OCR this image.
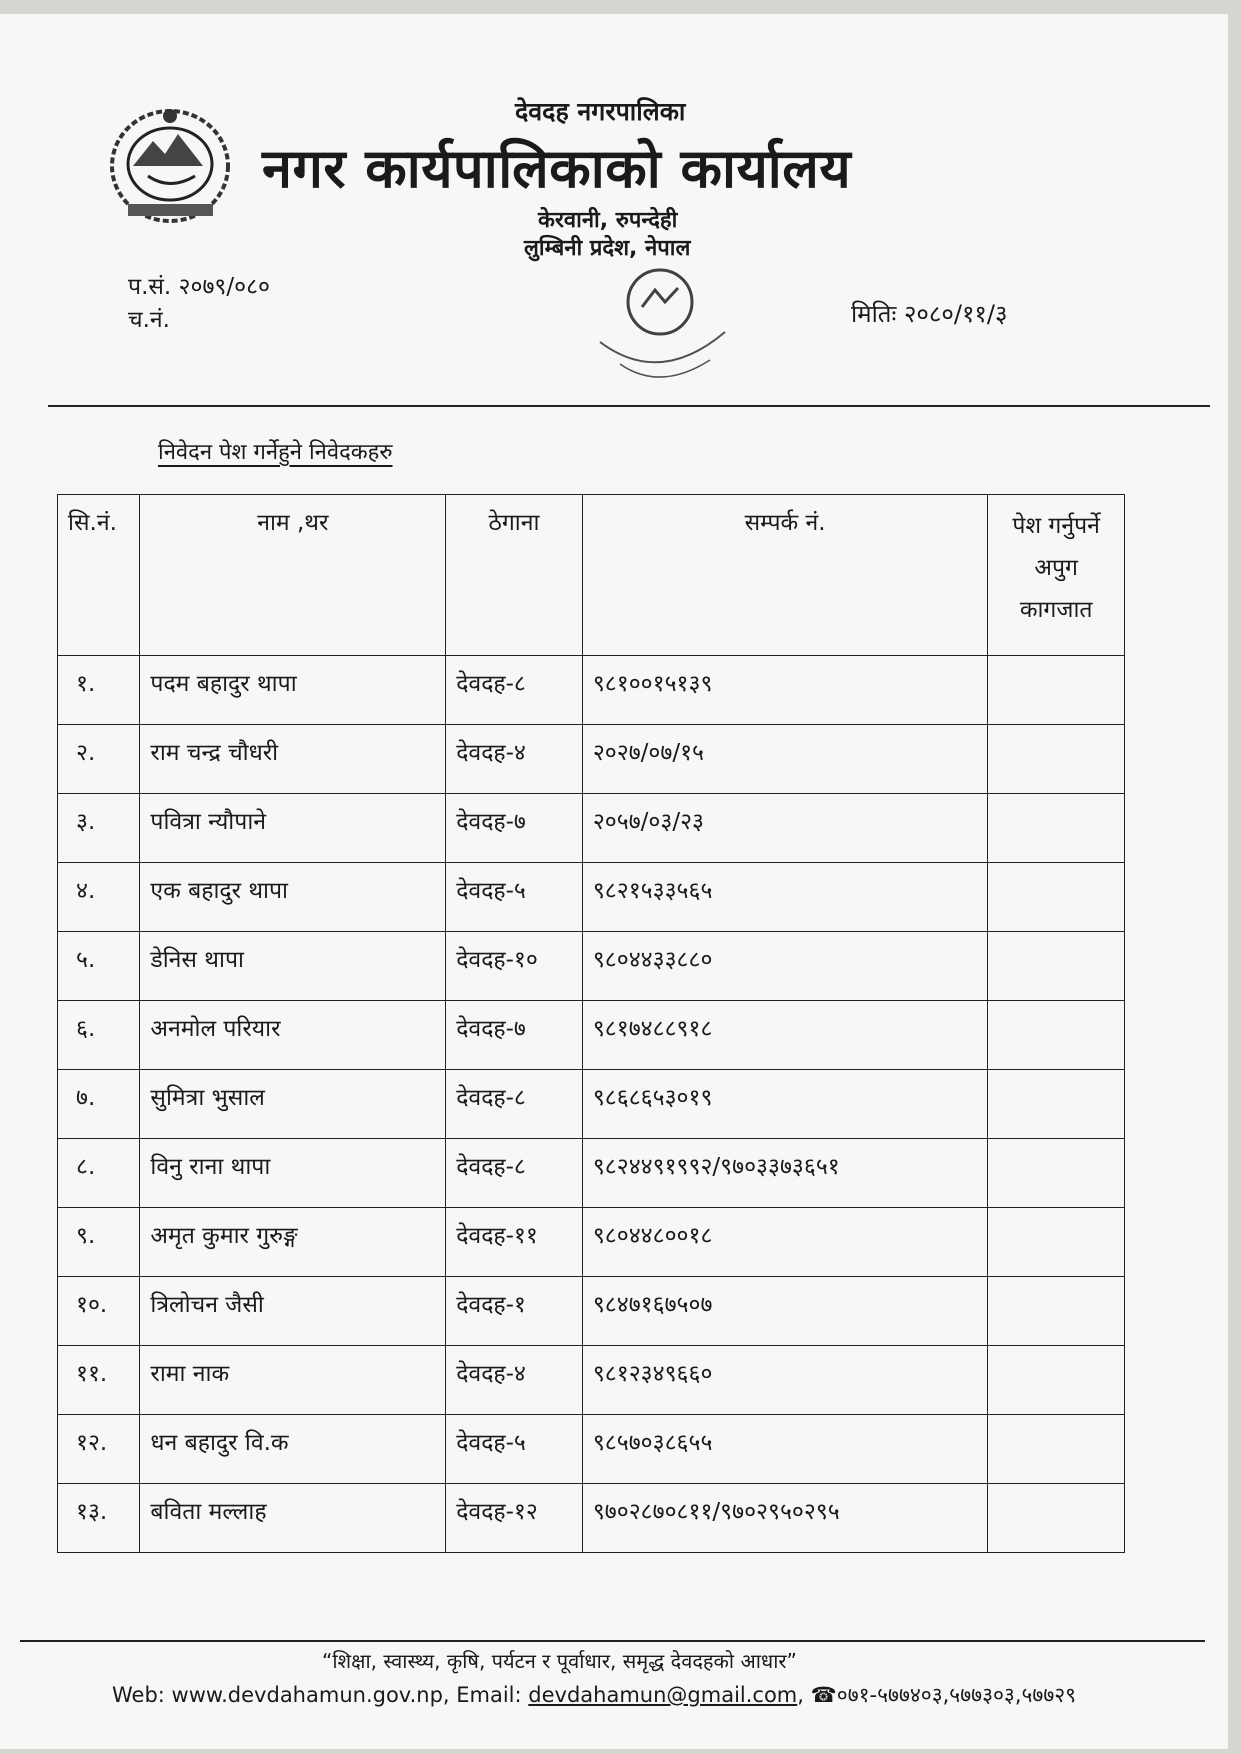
देवदह नगरपालिका
नगर कार्यपालिकाको कार्यालय
केरवानी, रुपन्देही
लुम्बिनी प्रदेश, नेपाल
प.सं. २०७९/०८०
च.नं.	मितिः २०८०/११/३
निवेदन पेश गर्नेहुने निवेदकहरु
सि.नं.	नाम ,थर	ठेगाना	सम्पर्क नं.	पेश गर्नुपर्ने
अपुग
कागजात

१.	पदम बहादुर थापा	देवदह-८	९८१००१५१३९	
२.	राम चन्द्र चौधरी	देवदह-४	२०२७/०७/१५	
३.	पवित्रा न्यौपाने	देवदह-७	२०५७/०३/२३	
४.	एक बहादुर थापा	देवदह-५	९८२१५३३५६५	
५.	डेनिस थापा	देवदह-१०	९८०४४३३८८०	
६.	अनमोल परियार	देवदह-७	९८१७४८८९१८	
७.	सुमित्रा भुसाल	देवदह-८	९८६८६५३०१९	
८.	विनु राना थापा	देवदह-८	९८२४४९१९९२/९७०३३७३६५१	
९.	अमृत कुमार गुरुङ्ग	देवदह-११	९८०४४८००१८	
१०.	त्रिलोचन जैसी	देवदह-१	९८४७१६७५०७	
११.	रामा नाक	देवदह-४	९८१२३४९६६०	
१२.	धन बहादुर वि.क	देवदह-५	९८५७०३८६५५	
१३.	बविता मल्लाह	देवदह-१२	९७०२८७०८११/९७०२९५०२९५	
“शिक्षा, स्वास्थ्य, कृषि, पर्यटन र पूर्वाधार, समृद्ध देवदहको आधार”
Web: www.devdahamun.gov.np, Email: devdahamun@gmail.com, ☎०७१-५७७४०३,५७७३०३,५७७२९
